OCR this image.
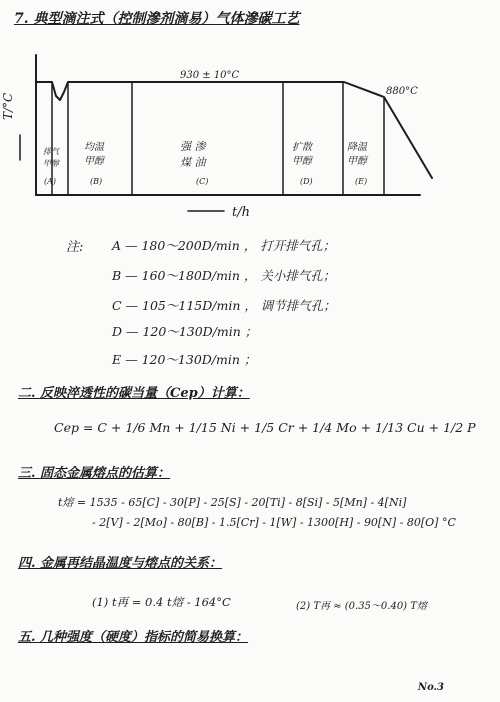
7. 典型滴注式（控制滲剂滴易）气体滲碳工艺
T/°C
t/h
930 ± 10°C
880°C
排气
甲醇
(A)
均温
甲醇
(B)
强 渗
煤 油
(C)
扩散
甲醇
(D)
降温
甲醇
(E)
注: A — 180～200D/min ， 打开排气孔；
B — 160～180D/min ， 关小排气孔；
C — 105～115D/min ， 调节排气孔；
D — 120～130D/min ；
E — 120～130D/min ；
二. 反映淬透性的碳当量（Cep）计算：
Cep = C + 1/6 Mn + 1/15 Ni + 1/5 Cr + 1/4 Mo + 1/13 Cu + 1/2 P
三. 固态金属熔点的估算：
t熔 = 1535 - 65[C] - 30[P] - 25[S] - 20[Ti] - 8[Si] - 5[Mn] - 4[Ni]
- 2[V] - 2[Mo] - 80[B] - 1.5[Cr] - 1[W] - 1300[H] - 90[N] - 80[O] °C
四. 金属再结晶温度与熔点的关系：
(1) t再 = 0.4 t熔 - 164°C	(2) T再 ≈ (0.35～0.40) T熔
五. 几种强度（硬度）指标的简易换算：
No.3
